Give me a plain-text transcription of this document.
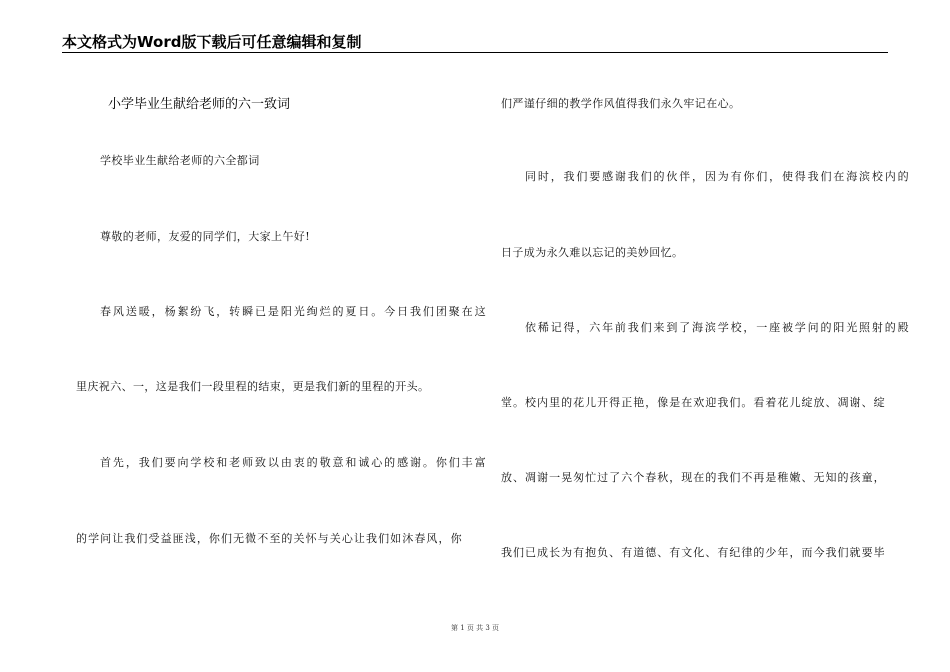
本文格式为Word版下载后可任意编辑和复制
小学毕业生献给老师的六一致词
学校毕业生献给老师的六全都词
尊敬的老师，友爱的同学们，大家上午好!
春风送暖，杨絮纷飞，转瞬已是阳光绚烂的夏日。今日我们团聚在这
里庆祝六、一，这是我们一段里程的结束，更是我们新的里程的开头。
首先，我们要向学校和老师致以由衷的敬意和诚心的感谢。你们丰富
的学问让我们受益匪浅，你们无微不至的关怀与关心让我们如沐春风，你
们严谨仔细的教学作风值得我们永久牢记在心。
同时，我们要感谢我们的伙伴，因为有你们，使得我们在海滨校内的
日子成为永久难以忘记的美妙回忆。
依稀记得，六年前我们来到了海滨学校，一座被学问的阳光照射的殿
堂。校内里的花儿开得正艳，像是在欢迎我们。看着花儿绽放、凋谢、绽
放、凋谢一晃匆忙过了六个春秋，现在的我们不再是稚嫩、无知的孩童，
我们已成长为有抱负、有道德、有文化、有纪律的少年，而今我们就要毕
第 1 页 共 3 页
